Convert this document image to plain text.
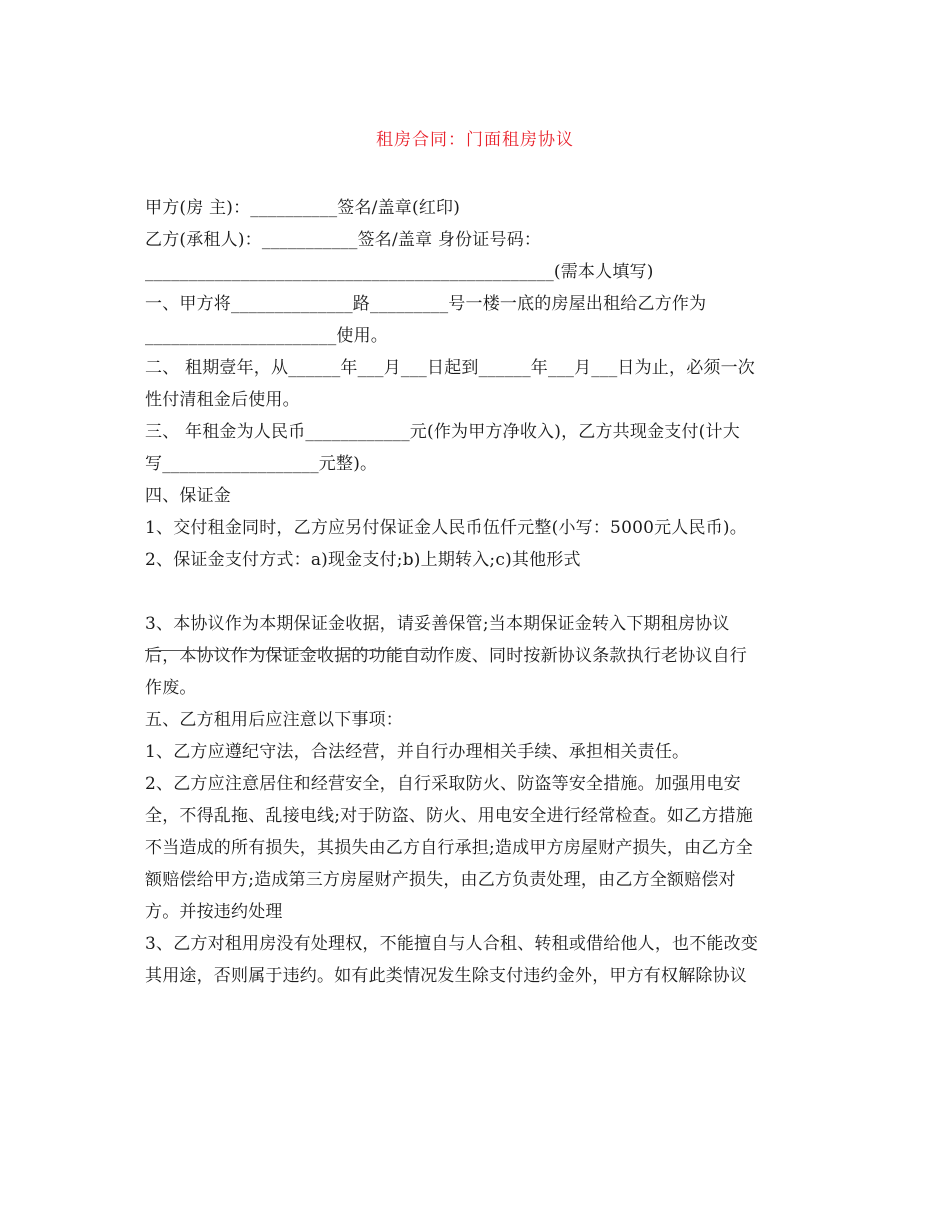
租房合同：门面租房协议
甲方(房 主)：__________签名/盖章(红印)
乙方(承租人)：___________签名/盖章 身份证号码：
_______________________________________________(需本人填写)
一、甲方将______________路_________号一楼一底的房屋出租给乙方作为
______________________使用。
二、 租期壹年，从______年___月___日起到______年___月___日为止，必须一次
性付清租金后使用。
三、 年租金为人民币____________元(作为甲方净收入)，乙方共现金支付(计大
写__________________元整)。
四、保证金
1、交付租金同时，乙方应另付保证金人民币伍仟元整(小写：5000元人民币)。
2、保证金支付方式：a)现金支付;b)上期转入;c)其他形式
3、本协议作为本期保证金收据，请妥善保管;当本期保证金转入下期租房协议
后，本协议作为保证金收据的功能自动作废、同时按新协议条款执行老协议自行
作废。
五、乙方租用后应注意以下事项：
1、乙方应遵纪守法，合法经营，并自行办理相关手续、承担相关责任。
2、乙方应注意居住和经营安全，自行采取防火、防盗等安全措施。加强用电安
全，不得乱拖、乱接电线;对于防盗、防火、用电安全进行经常检查。如乙方措施
不当造成的所有损失，其损失由乙方自行承担;造成甲方房屋财产损失，由乙方全
额赔偿给甲方;造成第三方房屋财产损失，由乙方负责处理，由乙方全额赔偿对
方。并按违约处理
3、乙方对租用房没有处理权，不能擅自与人合租、转租或借给他人，也不能改变
其用途，否则属于违约。如有此类情况发生除支付违约金外，甲方有权解除协议
